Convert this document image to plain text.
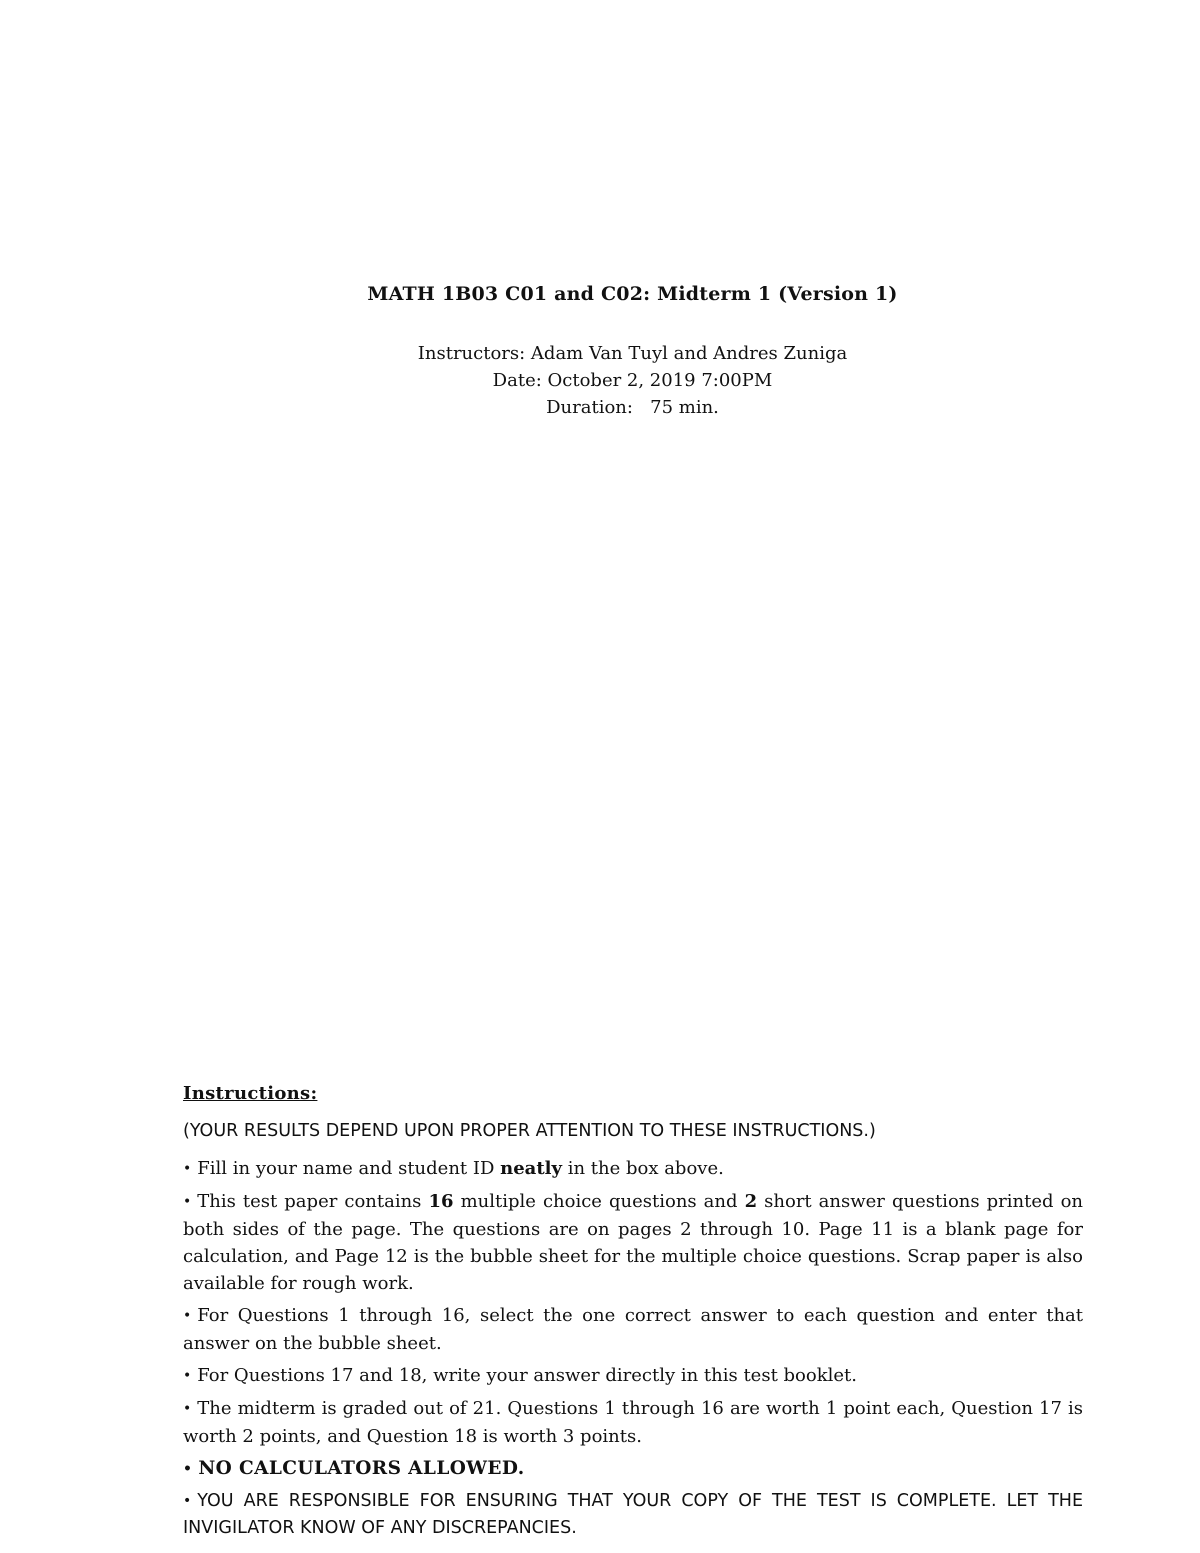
MATH 1B03 C01 and C02: Midterm 1 (Version 1)
Instructors: Adam Van Tuyl and Andres Zuniga
Date: October 2, 2019 7:00PM
Duration:   75 min.
Instructions:
(YOUR RESULTS DEPEND UPON PROPER ATTENTION TO THESE INSTRUCTIONS.)
• Fill in your name and student ID neatly in the box above.
• This test paper contains 16 multiple choice questions and 2 short answer questions printed on both sides of the page. The questions are on pages 2 through 10. Page 11 is a blank page for calculation, and Page 12 is the bubble sheet for the multiple choice questions. Scrap paper is also available for rough work.
• For Questions 1 through 16, select the one correct answer to each question and enter that answer on the bubble sheet.
• For Questions 17 and 18, write your answer directly in this test booklet.
• The midterm is graded out of 21. Questions 1 through 16 are worth 1 point each, Question 17 is worth 2 points, and Question 18 is worth 3 points.
• NO CALCULATORS ALLOWED.
• YOU ARE RESPONSIBLE FOR ENSURING THAT YOUR COPY OF THE TEST IS COMPLETE. LET THE INVIGILATOR KNOW OF ANY DISCREPANCIES.
